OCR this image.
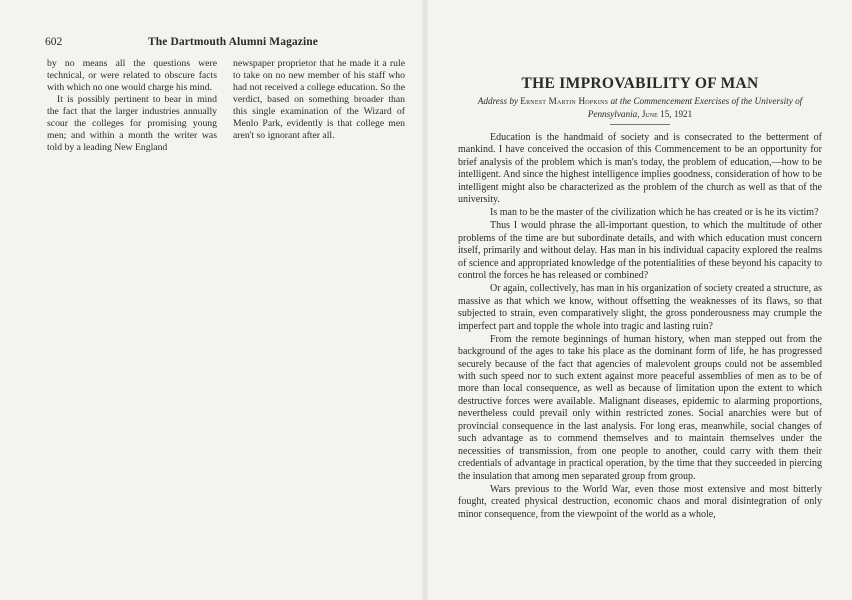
602	The Dartmouth Alumni Magazine

by no means all the questions were technical, or were related to obscure facts with which no one would charge his mind.

It is possibly pertinent to bear in mind the fact that the larger industries annually scour the colleges for promising young men; and within a month the writer was told by a leading New England

newspaper proprietor that he made it a rule to take on no new member of his staff who had not received a college education. So the verdict, based on something broader than this single examination of the Wizard of Menlo Park, evidently is that college men aren't so ignorant after all.

THE IMPROVABILITY OF MAN

Address by Ernest Martin Hopkins at the Commencement Exercises of the University of Pennsylvania, June 15, 1921

Education is the handmaid of society and is consecrated to the betterment of mankind. I have conceived the occasion of this Commencement to be an opportunity for brief analysis of the problem which is man's today, the problem of education,—how to be intelligent. And since the highest intelligence implies goodness, consideration of how to be intelligent might also be characterized as the problem of the church as well as that of the university.

Is man to be the master of the civilization which he has created or is he its victim?

Thus I would phrase the all-important question, to which the multitude of other problems of the time are but subordinate details, and with which education must concern itself, primarily and without delay. Has man in his individual capacity explored the realms of science and appropriated knowledge of the potentialities of these beyond his capacity to control the forces he has released or combined?

Or again, collectively, has man in his organization of society created a structure, as massive as that which we know, without offsetting the weaknesses of its flaws, so that subjected to strain, even comparatively slight, the gross ponderousness may crumple the imperfect part and topple the whole into tragic and lasting ruin?

From the remote beginnings of human history, when man stepped out from the background of the ages to take his place as the dominant form of life, he has progressed securely because of the fact that agencies of malevolent groups could not be assembled with such speed nor to such extent against more peaceful assemblies of men as to be of more than local consequence, as well as because of limitation upon the extent to which destructive forces were available. Malignant diseases, epidemic to alarming proportions, nevertheless could prevail only within restricted zones. Social anarchies were but of provincial consequence in the last analysis. For long eras, meanwhile, social changes of such advantage as to commend themselves and to maintain themselves under the necessities of transmission, from one people to another, could carry with them their credentials of advantage in practical operation, by the time that they succeeded in piercing the insulation that among men separated group from group.

Wars previous to the World War, even those most extensive and most bitterly fought, created physical destruction, economic chaos and moral disintegration of only minor consequence, from the viewpoint of the world as a whole,
